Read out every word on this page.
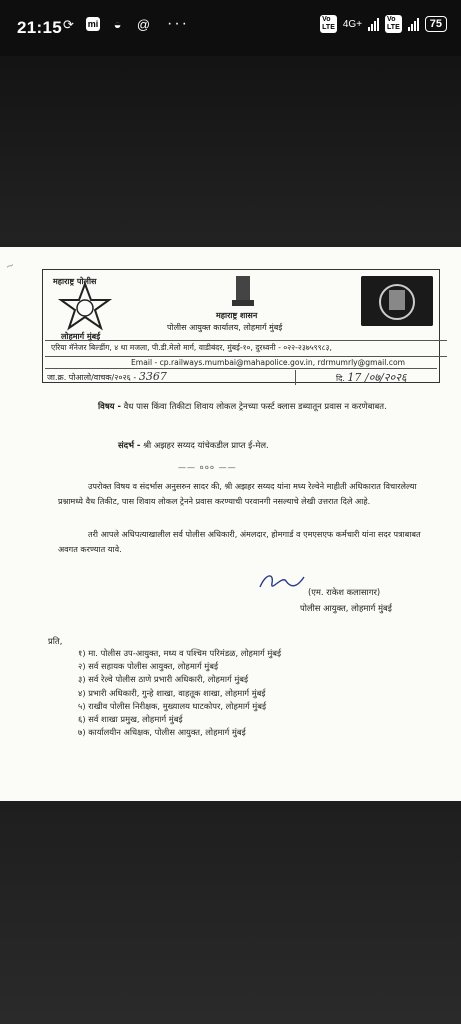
21:15 ⟳	mi	◒	@ ···	Vo
LTE 4G+	Vo
LTE	75
~
महाराष्ट्र पोलीस
लोहमार्ग मुंबई
महाराष्ट्र शासन
पोलीस आयुक्त कार्यालय, लोहमार्ग मुंबई
एरिया मॅनेजर बिल्डींग, ४ था मजला, पी.डी.मेलो मार्ग, वाडीबंदर, मुंबई-१०, दुरध्वनी - ०२२-२३७५९९८३,
Email - cp.railways.mumbai@mahapolice.gov.in, rdrmumrly@gmail.com
जा.क्र. पोआलो/वाचक/२०२६ - 3367	दि. 17 /०७/२०२६
विषय - वैध पास किंवा तिकीटा शिवाय लोकल ट्रेनच्या फर्स्ट क्लास डब्यातून प्रवास न करणेबाबत.
संदर्भ - श्री अझहर सय्यद यांचेकडील प्राप्त ई-मेल.
—— ००० ——
उपरोक्त विषय व संदर्भास अनुसरुन सादर की, श्री अझहर सय्यद यांना मध्य रेल्वेने माहीती अधिकारात विचारलेल्या प्रश्नामध्ये वैध तिकीट, पास शिवाय लोकल ट्रेनने प्रवास करण्याची परवानगी नसल्याचे लेखी उत्तरात दिले आहे.
तरी आपले अधिपत्याखालील सर्व पोलीस अधिकारी, अंमलदार, होमगार्ड व एमएसएफ कर्मचारी यांना सदर पत्राबाबत अवगत करण्यात यावे.
(एम. राकेश कलासागर)
पोलीस आयुक्त, लोहमार्ग मुंबई
प्रति,
१) मा. पोलीस उप-आयुक्त, मध्य व पश्चिम परिमंडळ, लोहमार्ग मुंबई
२) सर्व सहायक पोलीस आयुक्त, लोहमार्ग मुंबई
३) सर्व रेल्वे पोलीस ठाणे प्रभारी अधिकारी, लोहमार्ग मुंबई
४) प्रभारी अधिकारी, गुन्हे शाखा, वाहतूक शाखा, लोहमार्ग मुंबई
५) राखीव पोलीस निरीक्षक, मुख्यालय घाटकोपर, लोहमार्ग मुंबई
६) सर्व शाखा प्रमुख, लोहमार्ग मुंबई
७) कार्यालयीन अधिक्षक, पोलीस आयुक्त, लोहमार्ग मुंबई
